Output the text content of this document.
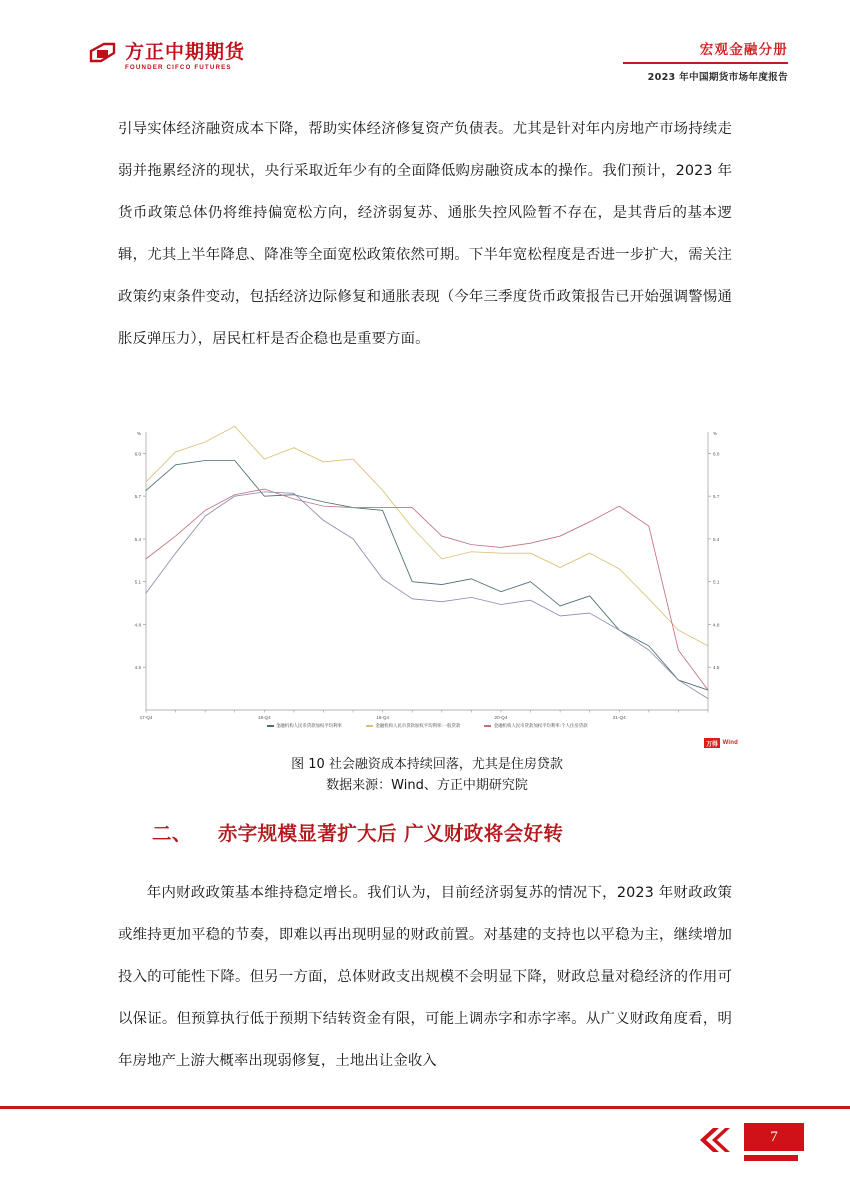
方正中期期货
FOUNDER CIFCO FUTURES
宏观金融分册
2023 年中国期货市场年度报告

引导实体经济融资成本下降，帮助实体经济修复资产负债表。尤其是针对年内房地产市场持续走弱并拖累经济的现状，央行采取近年少有的全面降低购房融资成本的操作。我们预计，2023 年货币政策总体仍将维持偏宽松方向，经济弱复苏、通胀失控风险暂不存在，是其背后的基本逻辑，尤其上半年降息、降准等全面宽松政策依然可期。下半年宽松程度是否进一步扩大，需关注政策约束条件变动，包括经济边际修复和通胀表现（今年三季度货币政策报告已开始强调警惕通胀反弹压力），居民杠杆是否企稳也是重要方面。

4.5	4.5
4.8	4.8
5.1	5.1
5.4	5.4
5.7	5.7
6.0	6.0
%	%
17-Q4	18-Q4	19-Q4	20-Q4	21-Q4
金融机构人民币贷款加权平均利率	金融机构人民币贷款加权平均利率:一般贷款	金融机构人民币贷款加权平均利率:个人住房贷款
万得 Wind
图 10 社会融资成本持续回落，尤其是住房贷款
数据来源：Wind、方正中期研究院
二、 赤字规模显著扩大后 广义财政将会好转

年内财政政策基本维持稳定增长。我们认为，目前经济弱复苏的情况下，2023 年财政政策或维持更加平稳的节奏，即难以再出现明显的财政前置。对基建的支持也以平稳为主，继续增加投入的可能性下降。但另一方面，总体财政支出规模不会明显下降，财政总量对稳经济的作用可以保证。但预算执行低于预期下结转资金有限，可能上调赤字和赤字率。从广义财政角度看，明年房地产上游大概率出现弱修复，土地出让金收入

7
